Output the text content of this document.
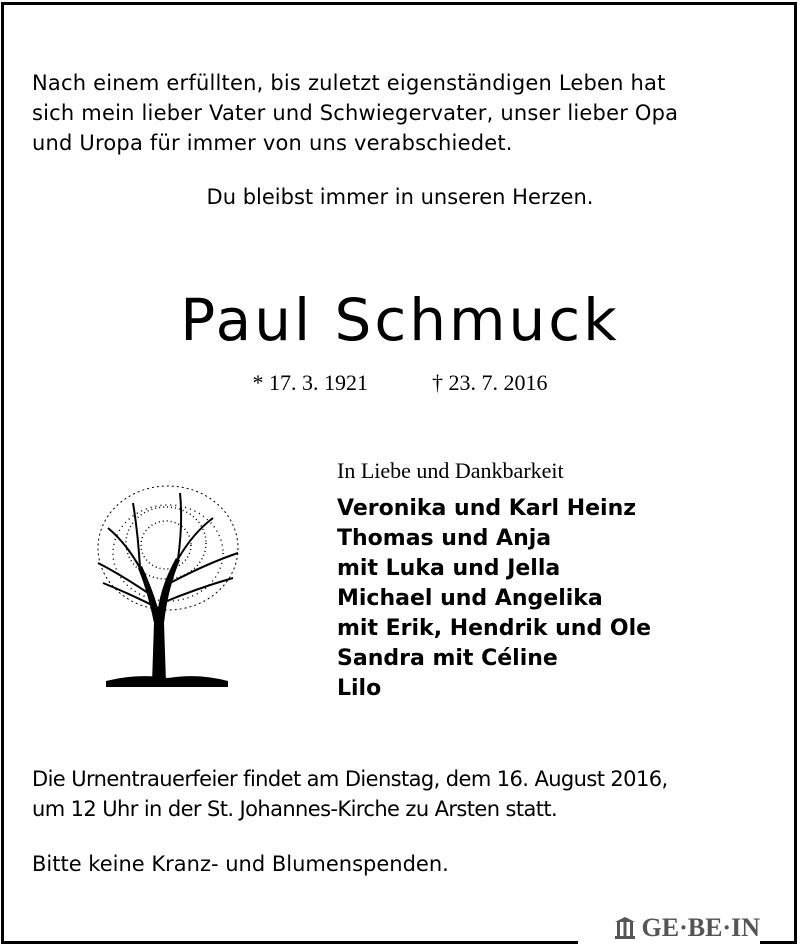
Nach einem erfüllten, bis zuletzt eigenständigen Leben hat
sich mein lieber Vater und Schwiegervater, unser lieber Opa
und Uropa für immer von uns verabschiedet.

Du bleibst immer in unseren Herzen.

Paul Schmuck

* 17. 3. 1921	† 23. 7. 2016

In Liebe und Dankbarkeit

Veronika und Karl Heinz
Thomas und Anja
mit Luka und Jella
Michael und Angelika
mit Erik, Hendrik und Ole
Sandra mit Céline
Lilo

Die Urnentrauerfeier findet am Dienstag, dem 16. August 2016,
um 12 Uhr in der St. Johannes-Kirche zu Arsten statt.

Bitte keine Kranz- und Blumenspenden.

GE·BE·IN
